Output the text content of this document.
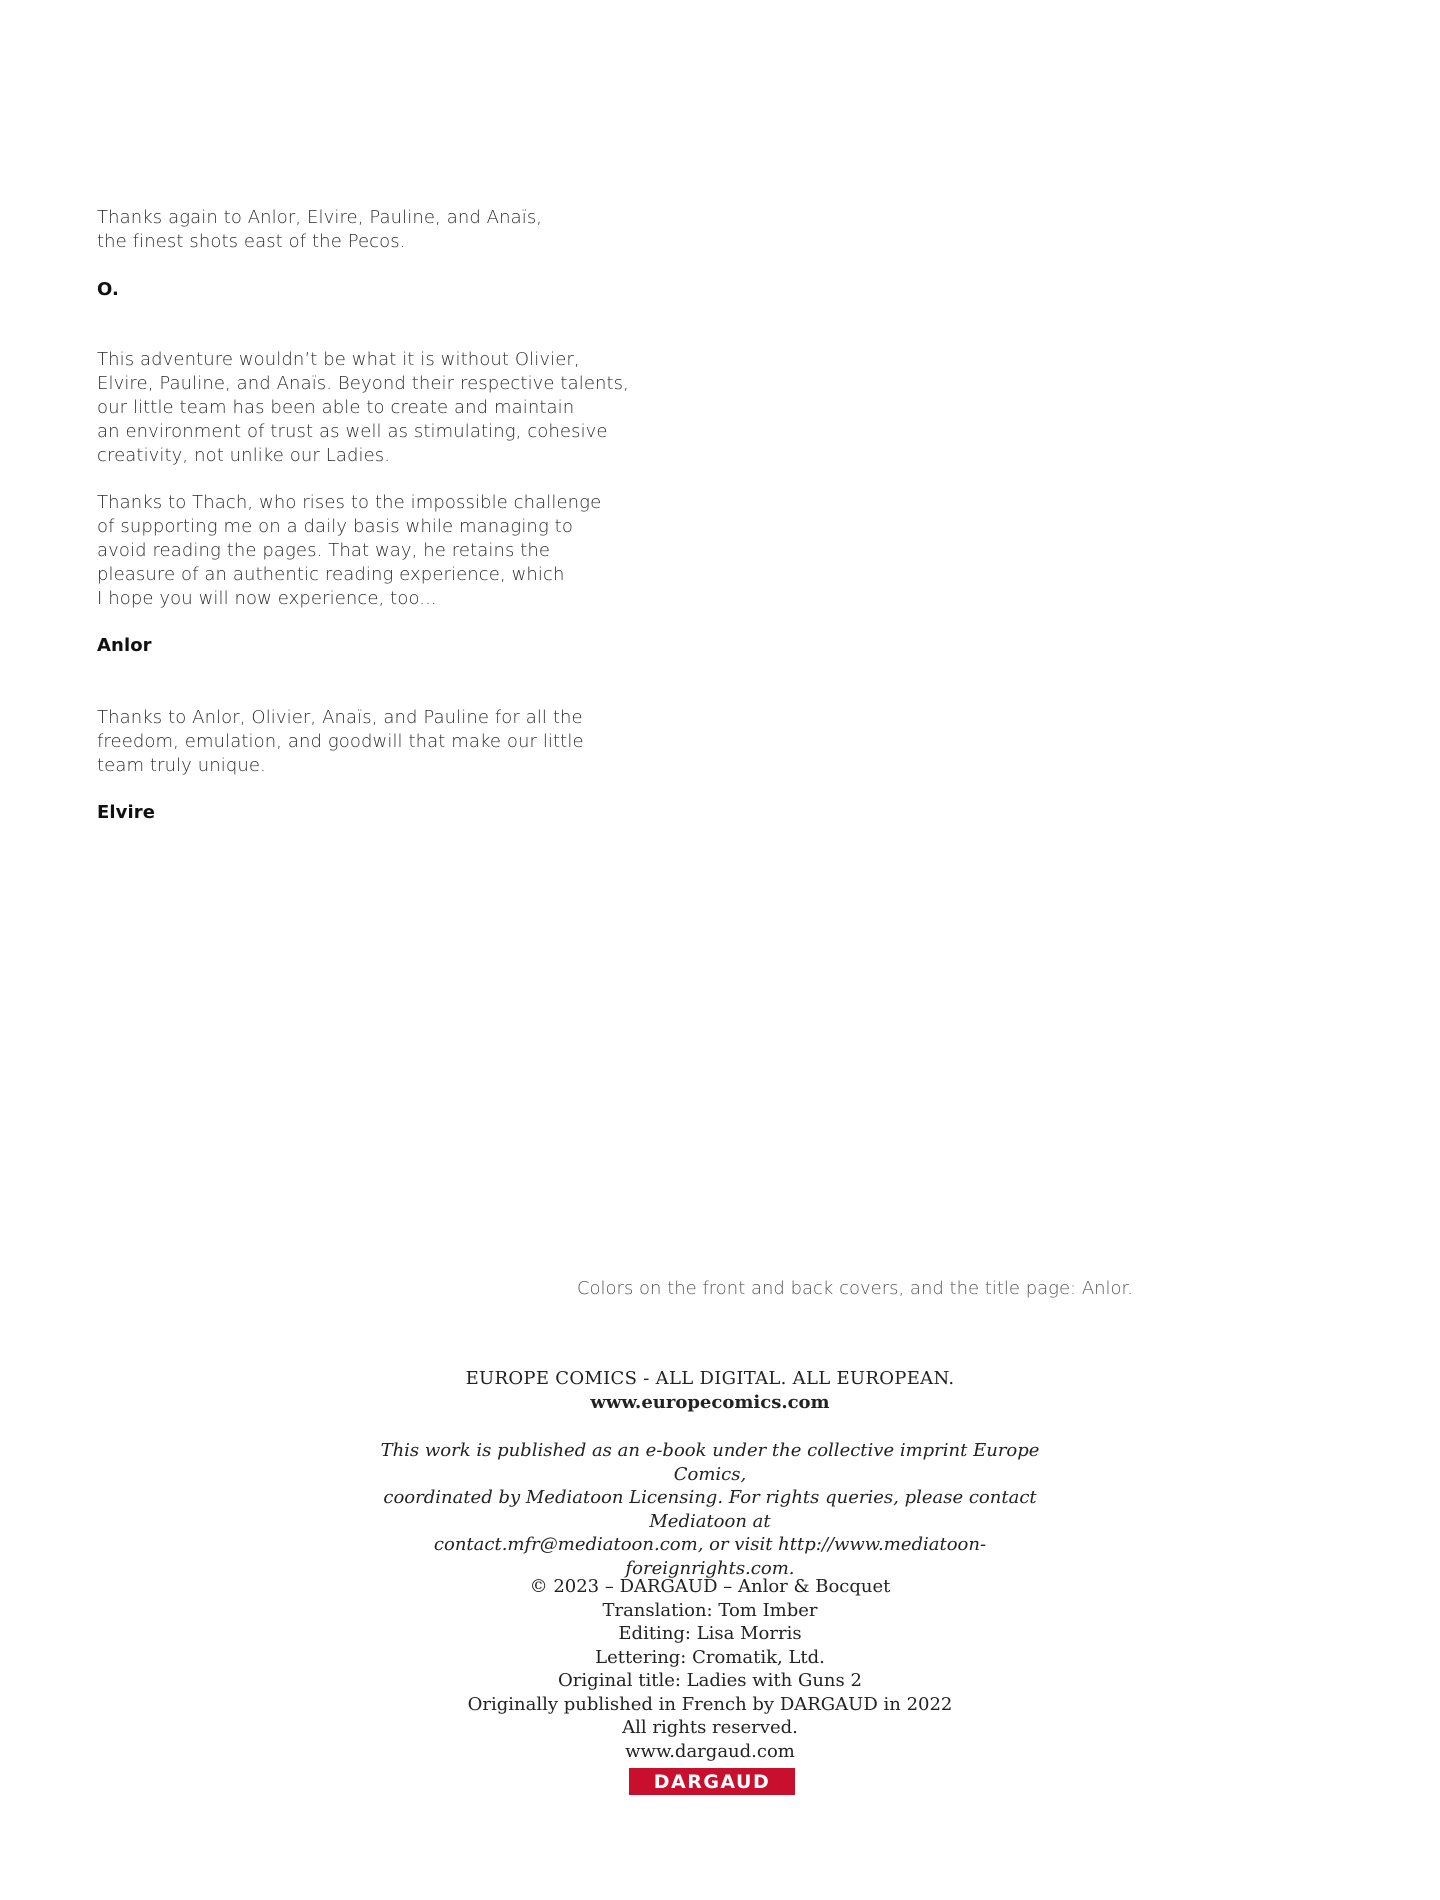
Thanks again to Anlor, Elvire, Pauline, and Anaïs,
the finest shots east of the Pecos.

O.

This adventure wouldn’t be what it is without Olivier,
Elvire, Pauline, and Anaïs. Beyond their respective talents,
our little team has been able to create and maintain
an environment of trust as well as stimulating, cohesive
creativity, not unlike our Ladies.

Thanks to Thach, who rises to the impossible challenge
of supporting me on a daily basis while managing to
avoid reading the pages. That way, he retains the
pleasure of an authentic reading experience, which
I hope you will now experience, too...

Anlor

Thanks to Anlor, Olivier, Anaïs, and Pauline for all the
freedom, emulation, and goodwill that make our little
team truly unique.

Elvire

Colors on the front and back covers, and the title page: Anlor.
EUROPE COMICS - ALL DIGITAL. ALL EUROPEAN.
www.europecomics.com
This work is published as an e-book under the collective imprint Europe Comics,
coordinated by Mediatoon Licensing. For rights queries, please contact Mediatoon at
contact.mfr@mediatoon.com, or visit http://www.mediatoon-foreignrights.com.
© 2023 – DARGAUD – Anlor & Bocquet
Translation: Tom Imber
Editing: Lisa Morris
Lettering: Cromatik, Ltd.
Original title: Ladies with Guns 2
Originally published in French by DARGAUD in 2022
All rights reserved.
www.dargaud.com
DARGAUD
